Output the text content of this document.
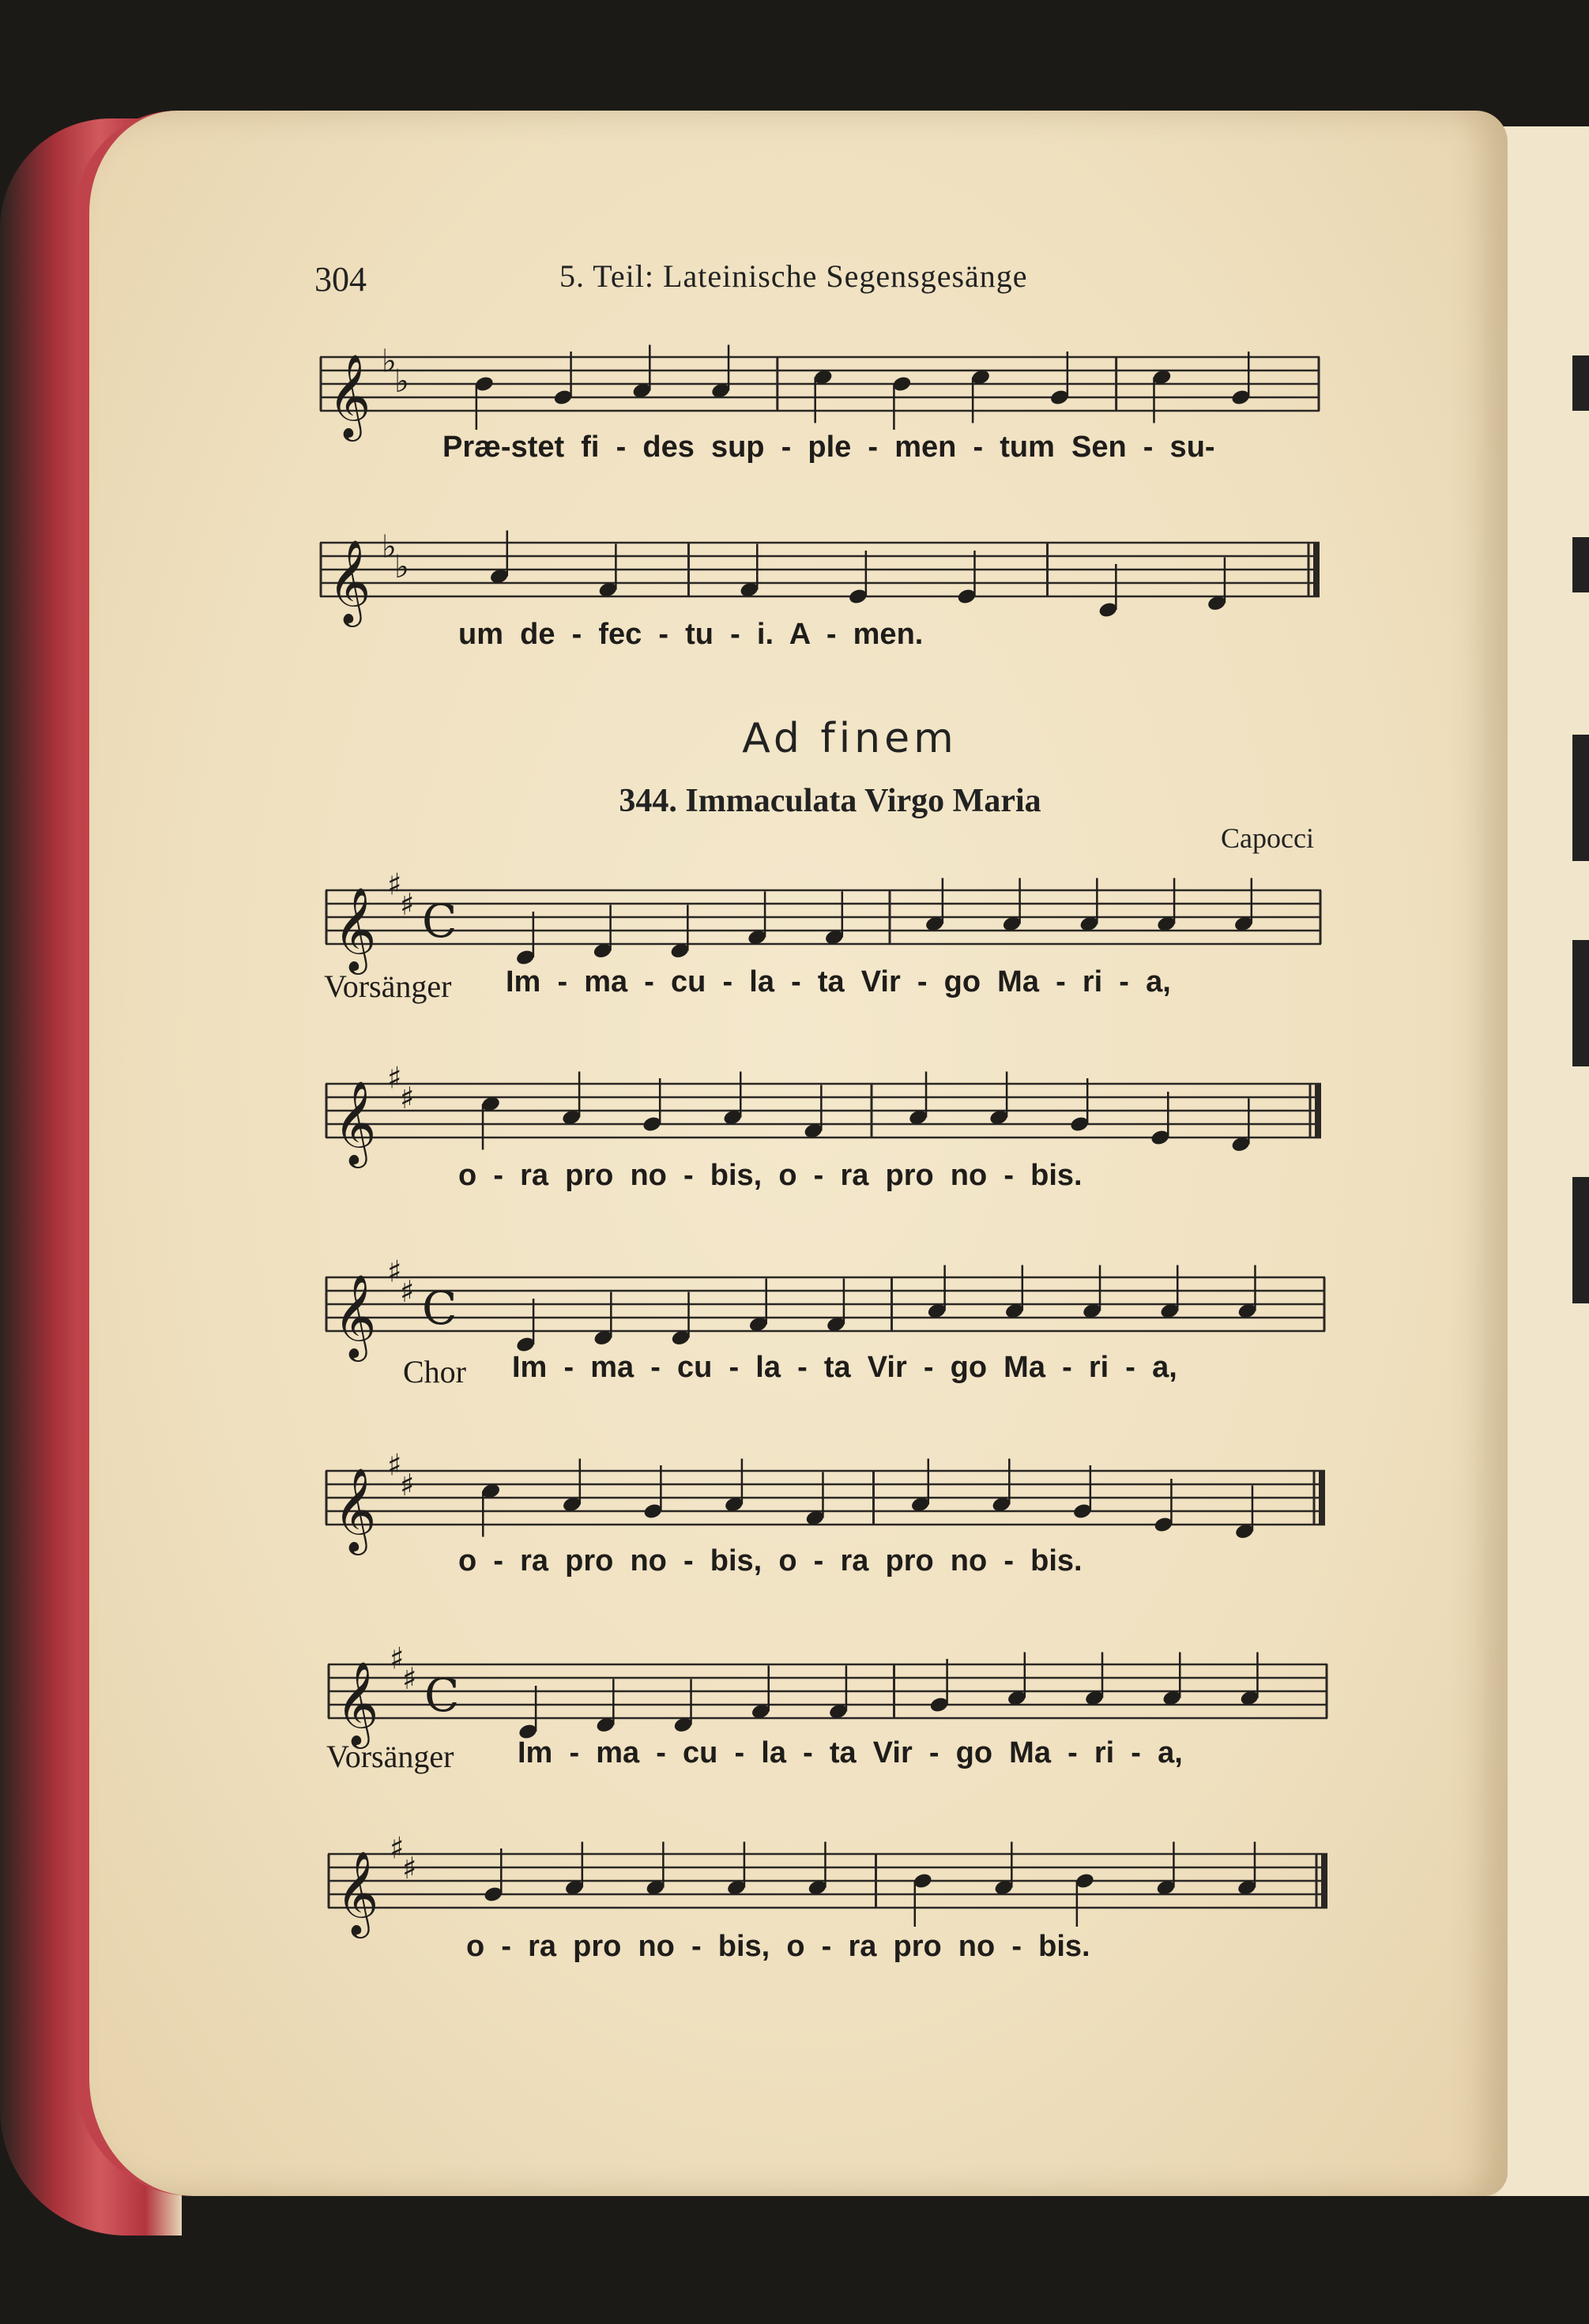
304	5. Teil: Lateinische Segensgesänge
Ad finem
344. Immaculata Virgo Maria
Capocci
𝄞 ♭
♭
Præ-stet  fi  -  des  sup  -  ple  -  men  -  tum  Sen  -  su-
𝄞 ♭
♭
um  de  -  fec  -  tu  -  i.  A  -  men.
𝄞
♯
♯ C
Vorsänger Im  -  ma  -  cu  -  la  -  ta  Vir  -  go  Ma  -  ri  -  a,
𝄞
♯
♯
o  -  ra  pro  no  -  bis,  o  -  ra  pro  no  -  bis.
𝄞
♯
♯ C
Chor Im  -  ma  -  cu  -  la  -  ta  Vir  -  go  Ma  -  ri  -  a,
𝄞
♯
♯
o  -  ra  pro  no  -  bis,  o  -  ra  pro  no  -  bis.
𝄞
♯
♯ C
Vorsänger Im  -  ma  -  cu  -  la  -  ta  Vir  -  go  Ma  -  ri  -  a,
𝄞
♯
♯
o  -  ra  pro  no  -  bis,  o  -  ra  pro  no  -  bis.
